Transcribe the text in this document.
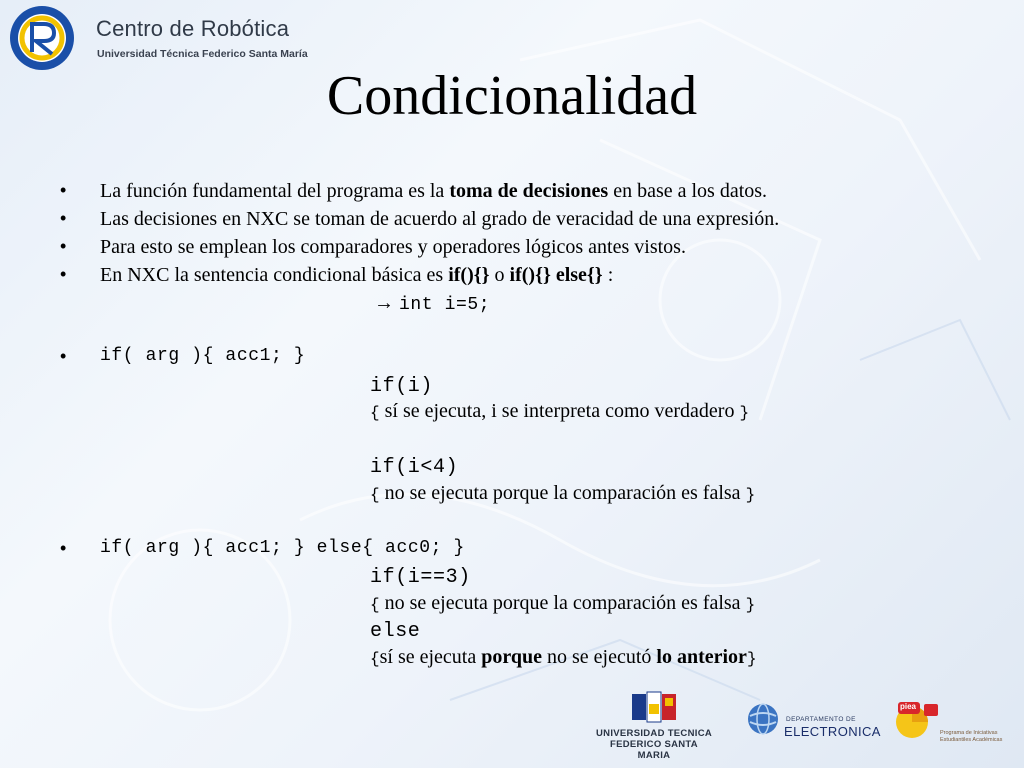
Centro de Robótica
Universidad Técnica Federico Santa María
Condicionalidad
• La función fundamental del programa es la toma de decisiones en base a los datos.
• Las decisiones en NXC se toman de acuerdo al grado de veracidad de una expresión.
• Para esto se emplean los comparadores y operadores lógicos antes vistos.
• En NXC la sentencia condicional básica es if(){} o if(){} else{} :
→ int i=5;
• if( arg ){ acc1; }
if(i)
{ sí se ejecuta, i se interpreta como verdadero }
if(i<4)
{ no se ejecuta porque la comparación es falsa }
• if( arg ){ acc1; } else{ acc0; }
if(i==3)
{ no se ejecuta porque la comparación es falsa }
else
{sí se ejecuta porque no se ejecutó lo anterior}
UNIVERSIDAD TECNICA
FEDERICO SANTA MARIA
DEPARTAMENTO DE
ELECTRONICA
piea
Programa de Iniciativas
Estudiantiles Académicas
